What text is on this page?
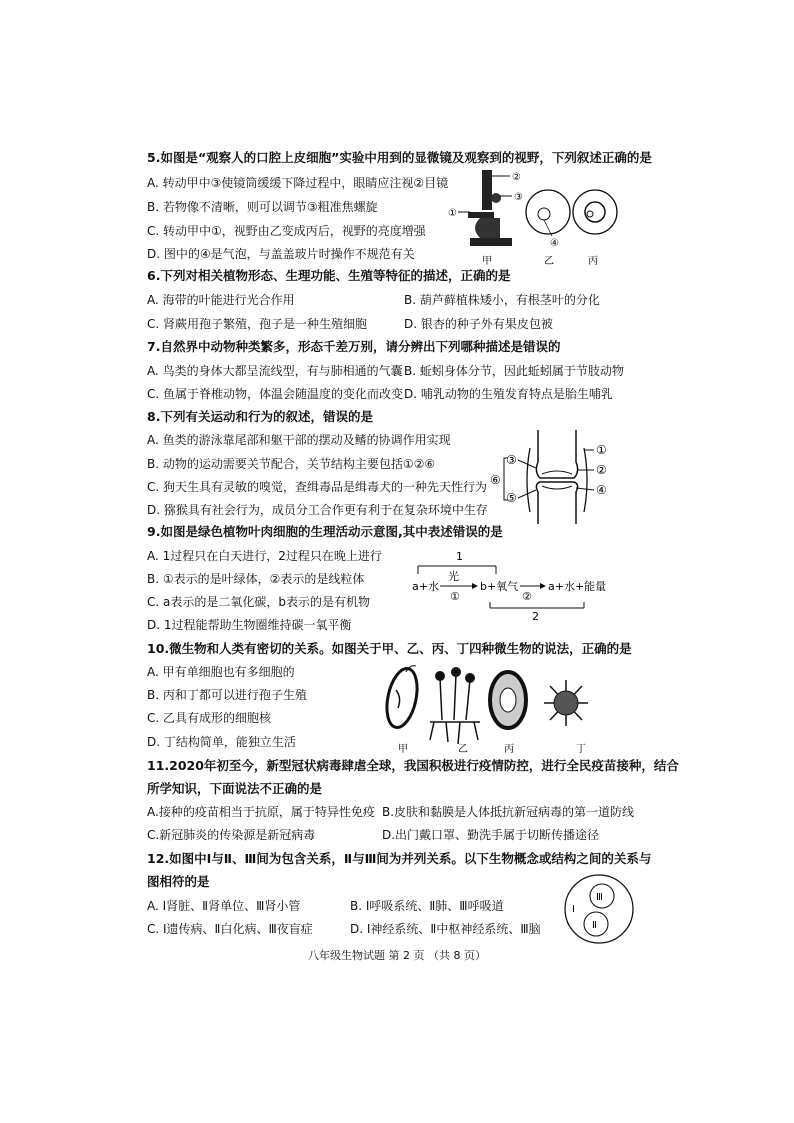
5.如图是“观察人的口腔上皮细胞”实验中用到的显微镜及观察到的视野，下列叙述正确的是
A. 转动甲中③使镜筒缓缓下降过程中，眼睛应注视②目镜
B. 若物像不清晰，则可以调节③粗准焦螺旋
C. 转动甲中①，视野由乙变成丙后，视野的亮度增强
D. 图中的④是气泡，与盖盖玻片时操作不规范有关
②
③
①
甲
④
乙	丙
6.下列对相关植物形态、生理功能、生殖等特征的描述，正确的是
A. 海带的叶能进行光合作用	B. 葫芦藓植株矮小，有根茎叶的分化
C. 肾蕨用孢子繁殖，孢子是一种生殖细胞	D. 银杏的种子外有果皮包被
7.自然界中动物种类繁多，形态千差万别，请分辨出下列哪种描述是错误的
A. 鸟类的身体大都呈流线型，有与肺相通的气囊 B. 蚯蚓身体分节，因此蚯蚓属于节肢动物
C. 鱼属于脊椎动物，体温会随温度的变化而改变 D. 哺乳动物的生殖发育特点是胎生哺乳
8.下列有关运动和行为的叙述，错误的是
A. 鱼类的游泳靠尾部和躯干部的摆动及鳍的协调作用实现
B. 动物的运动需要关节配合，关节结构主要包括①②⑥
C. 狗天生具有灵敏的嗅觉，查缉毒品是缉毒犬的一种先天性行为
D. 猕猴具有社会行为，成员分工合作更有利于在复杂环境中生存
①
②
④
③
⑤
⑥
9.如图是绿色植物叶肉细胞的生理活动示意图,其中表述错误的是
A. 1过程只在白天进行，2过程只在晚上进行
B. ①表示的是叶绿体，②表示的是线粒体
C. a表示的是二氧化碳，b表示的是有机物
D. 1过程能帮助生物圈维持碳一氧平衡
1
a+水
光
①
b+氧气
②
a+水+能量
2
10.微生物和人类有密切的关系。如图关于甲、乙、丙、丁四种微生物的说法，正确的是
A. 甲有单细胞也有多细胞的
B. 丙和丁都可以进行孢子生殖
C. 乙具有成形的细胞核
D. 丁结构简单，能独立生活
甲	乙	丙	丁
11.2020年初至今，新型冠状病毒肆虐全球，我国积极进行疫情防控，进行全民疫苗接种，结合
所学知识，下面说法不正确的是
A.接种的疫苗相当于抗原，属于特异性免疫 B.皮肤和黏膜是人体抵抗新冠病毒的第一道防线
C.新冠肺炎的传染源是新冠病毒	D.出门戴口罩、勤洗手属于切断传播途径
12.如图中Ⅰ与Ⅱ、Ⅲ间为包含关系，Ⅱ与Ⅲ间为并列关系。以下生物概念或结构之间的关系与
图相符的是
A. Ⅰ肾脏、Ⅱ肾单位、Ⅲ肾小管	B. Ⅰ呼吸系统、Ⅱ肺、Ⅲ呼吸道
C. Ⅰ遗传病、Ⅱ白化病、Ⅲ夜盲症	D. Ⅰ神经系统、Ⅱ中枢神经系统、Ⅲ脑
Ⅰ
Ⅲ
Ⅱ
八年级生物试题 第 2 页 （共 8 页）
